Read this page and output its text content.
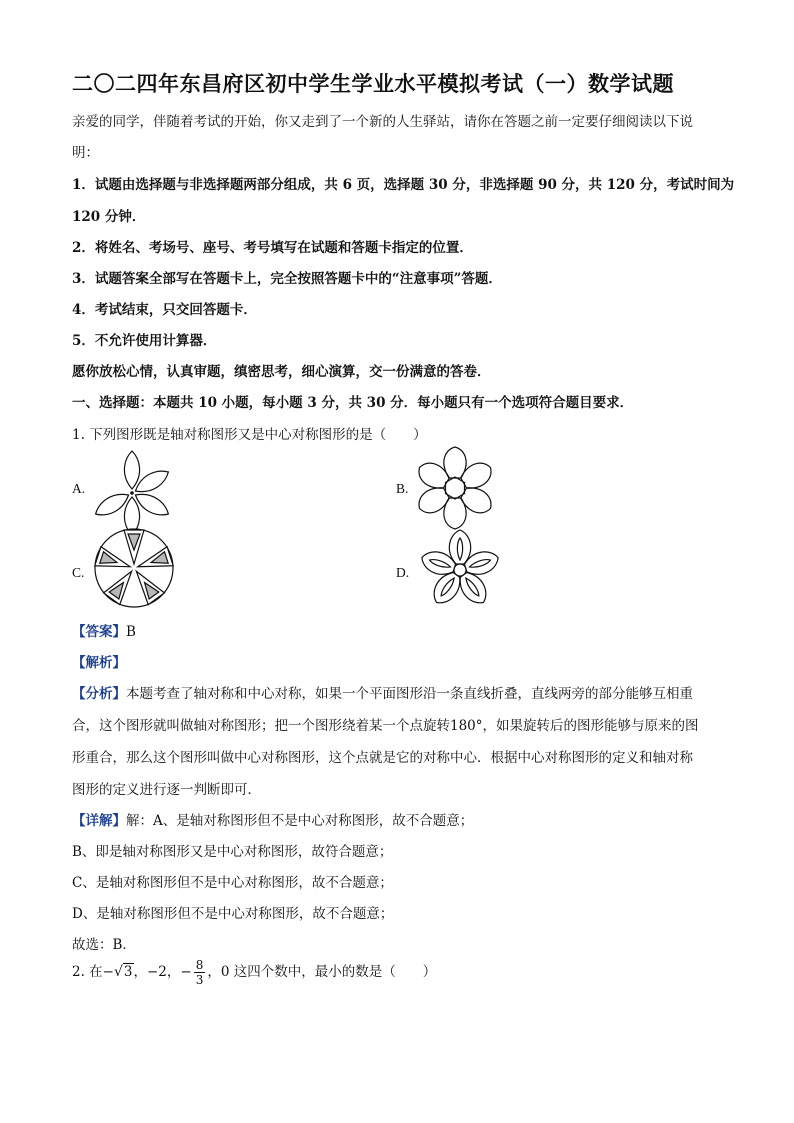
二〇二四年东昌府区初中学生学业水平模拟考试（一）数学试题
亲爱的同学，伴随着考试的开始，你又走到了一个新的人生驿站，请你在答题之前一定要仔细阅读以下说
明：
1．试题由选择题与非选择题两部分组成，共 6 页，选择题 30 分，非选择题 90 分，共 120 分，考试时间为
120 分钟．
2．将姓名、考场号、座号、考号填写在试题和答题卡指定的位置．
3．试题答案全部写在答题卡上，完全按照答题卡中的“注意事项”答题．
4．考试结束，只交回答题卡．
5．不允许使用计算器．
愿你放松心情，认真审题，缜密思考，细心演算，交一份满意的答卷．
一、选择题：本题共 10 小题，每小题 3 分，共 30 分．每小题只有一个选项符合题目要求．
1. 下列图形既是轴对称图形又是中心对称图形的是（　　）
A.	B.
C.	D.
【答案】B
【解析】
【分析】本题考查了轴对称和中心对称，如果一个平面图形沿一条直线折叠，直线两旁的部分能够互相重
合，这个图形就叫做轴对称图形；把一个图形绕着某一个点旋转180°，如果旋转后的图形能够与原来的图
形重合，那么这个图形叫做中心对称图形，这个点就是它的对称中心．根据中心对称图形的定义和轴对称
图形的定义进行逐一判断即可．
【详解】解：A、是轴对称图形但不是中心对称图形，故不合题意；
B、即是轴对称图形又是中心对称图形，故符合题意；
C、是轴对称图形但不是中心对称图形，故不合题意；
D、是轴对称图形但不是中心对称图形，故不合题意；
故选：B．
2. 在−√3，−2，− $\frac{8}{3}$ ，0 这四个数中，最小的数是（　　）
